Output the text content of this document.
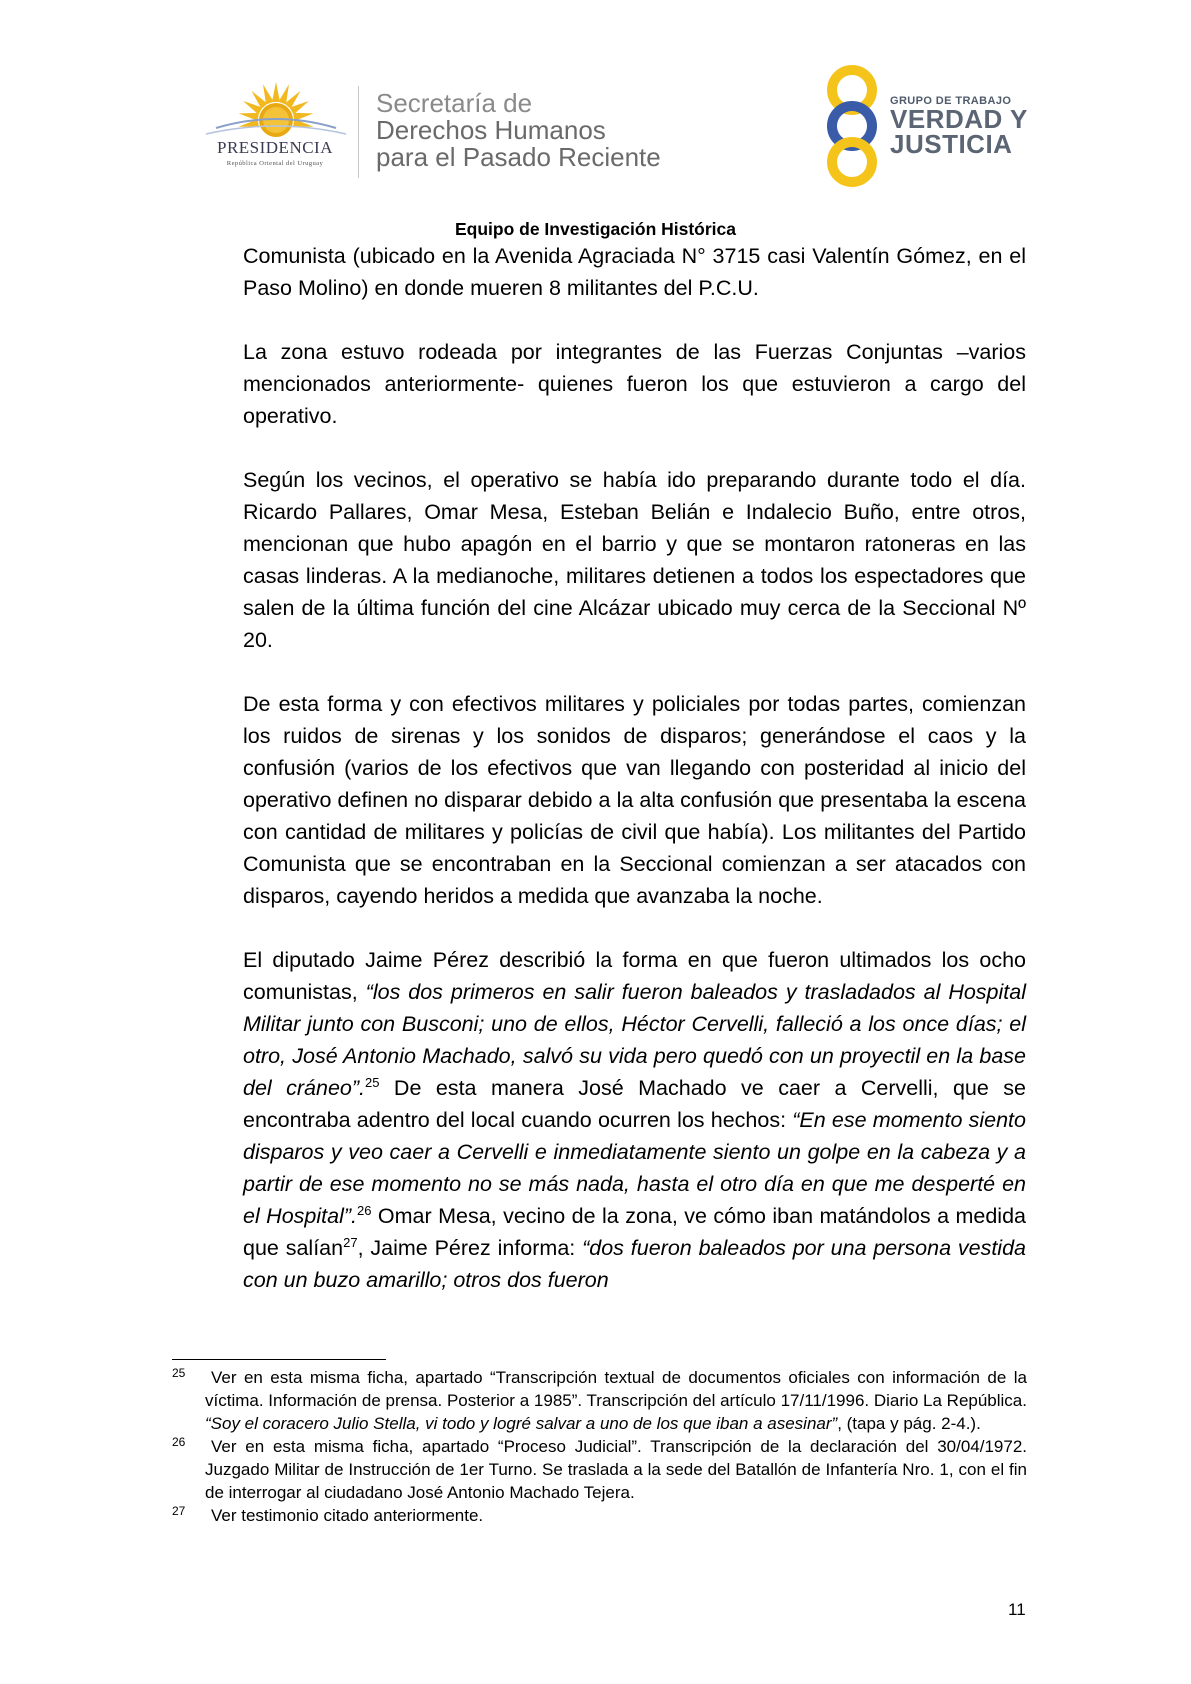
PRESIDENCIA
República Oriental del Uruguay
Secretaría de
Derechos Humanos
para el Pasado Reciente
GRUPO DE TRABAJO
VERDAD Y
JUSTICIA
Equipo de Investigación Histórica

Comunista (ubicado en la Avenida Agraciada N° 3715 casi Valentín Gómez, en el Paso Molino) en donde mueren 8 militantes del P.C.U.

La zona estuvo rodeada por integrantes de las Fuerzas Conjuntas –varios mencionados anteriormente- quienes fueron los que estuvieron a cargo del operativo.

Según los vecinos, el operativo se había ido preparando durante todo el día. Ricardo Pallares, Omar Mesa, Esteban Belián e Indalecio Buño, entre otros, mencionan que hubo apagón en el barrio y que se montaron ratoneras en las casas linderas. A la medianoche, militares detienen a todos los espectadores que salen de la última función del cine Alcázar ubicado muy cerca de la Seccional Nº 20.

De esta forma y con efectivos militares y policiales por todas partes, comienzan los ruidos de sirenas y los sonidos de disparos; generándose el caos y la confusión (varios de los efectivos que van llegando con posteridad al inicio del operativo definen no disparar debido a la alta confusión que presentaba la escena con cantidad de militares y policías de civil que había). Los militantes del Partido Comunista que se encontraban en la Seccional comienzan a ser atacados con disparos, cayendo heridos a medida que avanzaba la noche.

El diputado Jaime Pérez describió la forma en que fueron ultimados los ocho comunistas, “los dos primeros en salir fueron baleados y trasladados al Hospital Militar junto con Busconi; uno de ellos, Héctor Cervelli, falleció a los once días; el otro, José Antonio Machado, salvó su vida pero quedó con un proyectil en la base del cráneo”.$^{25}$ De esta manera José Machado ve caer a Cervelli, que se encontraba adentro del local cuando ocurren los hechos: “En ese momento siento disparos y veo caer a Cervelli e inmediatamente siento un golpe en la cabeza y a partir de ese momento no se más nada, hasta el otro día en que me desperté en el Hospital”.$^{26}$ Omar Mesa, vecino de la zona, ve cómo iban matándolos a medida que salían$^{27}$, Jaime Pérez informa: “dos fueron baleados por una persona vestida con un buzo amarillo; otros dos fueron

25 Ver en esta misma ficha, apartado “Transcripción textual de documentos oficiales con información de la víctima. Información de prensa. Posterior a 1985”. Transcripción del artículo 17/11/1996. Diario La República. “Soy el coracero Julio Stella, vi todo y logré salvar a uno de los que iban a asesinar”, (tapa y pág. 2-4.).
26 Ver en esta misma ficha, apartado “Proceso Judicial”. Transcripción de la declaración del 30/04/1972. Juzgado Militar de Instrucción de 1er Turno. Se traslada a la sede del Batallón de Infantería Nro. 1, con el fin de interrogar al ciudadano José Antonio Machado Tejera.
27 Ver testimonio citado anteriormente.
11
